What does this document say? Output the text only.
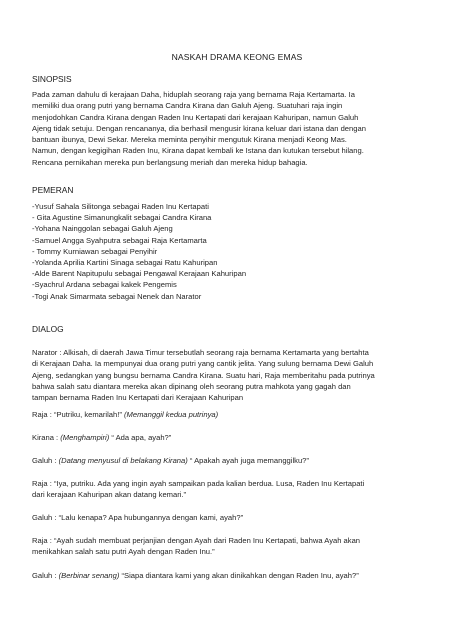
NASKAH DRAMA KEONG EMAS
SINOPSIS
Pada zaman dahulu di kerajaan Daha, hiduplah seorang raja yang bernama Raja Kertamarta. Ia
memiliki dua orang putri yang bernama Candra Kirana dan Galuh Ajeng. Suatuhari raja ingin
menjodohkan Candra Kirana dengan Raden Inu Kertapati dari kerajaan Kahuripan, namun Galuh
Ajeng tidak setuju. Dengan rencananya, dia berhasil mengusir kirana keluar dari istana dan dengan
bantuan ibunya, Dewi Sekar. Mereka meminta penyihir mengutuk Kirana menjadi Keong Mas.
Namun, dengan kegigihan Raden Inu, Kirana dapat kembali ke Istana dan kutukan tersebut hilang.
Rencana pernikahan mereka pun berlangsung meriah dan mereka hidup bahagia.
PEMERAN
-Yusuf Sahala Silitonga sebagai Raden Inu Kertapati
- Gita Agustine Simanungkalit sebagai Candra Kirana
-Yohana Nainggolan sebagai Galuh Ajeng
-Samuel Angga Syahputra sebagai Raja Kertamarta
- Tommy Kurniawan sebagai Penyihir
-Yolanda Aprilia Kartini Sinaga sebagai Ratu Kahuripan
-Alde Barent Napitupulu sebagai Pengawal Kerajaan Kahuripan
-Syachrul Ardana sebagai kakek Pengemis
-Togi Anak Simarmata sebagai Nenek dan Narator
DIALOG
Narator : Alkisah, di daerah Jawa Timur tersebutlah seorang raja bernama Kertamarta yang bertahta
di Kerajaan Daha. Ia mempunyai dua orang putri yang cantik jelita. Yang sulung bernama Dewi Galuh
Ajeng, sedangkan yang bungsu bernama Candra Kirana. Suatu hari, Raja memberitahu pada putrinya
bahwa salah satu diantara mereka akan dipinang oleh seorang putra mahkota yang gagah dan
tampan bernama Raden Inu Kertapati dari Kerajaan Kahuripan
Raja : “Putriku, kemarilah!” (Memanggil kedua putrinya)
Kirana : (Menghampiri) “ Ada apa, ayah?”
Galuh : (Datang menyusul di belakang Kirana) “ Apakah ayah juga memanggilku?”
Raja : “Iya, putriku. Ada yang ingin ayah sampaikan pada kalian berdua. Lusa, Raden Inu Kertapati
dari kerajaan Kahuripan akan datang kemari.”
Galuh : “Lalu kenapa? Apa hubungannya dengan kami, ayah?”
Raja : “Ayah sudah membuat perjanjian dengan Ayah dari Raden Inu Kertapati, bahwa Ayah akan
menikahkan salah satu putri Ayah dengan Raden Inu.”
Galuh : (Berbinar senang) “Siapa diantara kami yang akan dinikahkan dengan Raden Inu, ayah?”
